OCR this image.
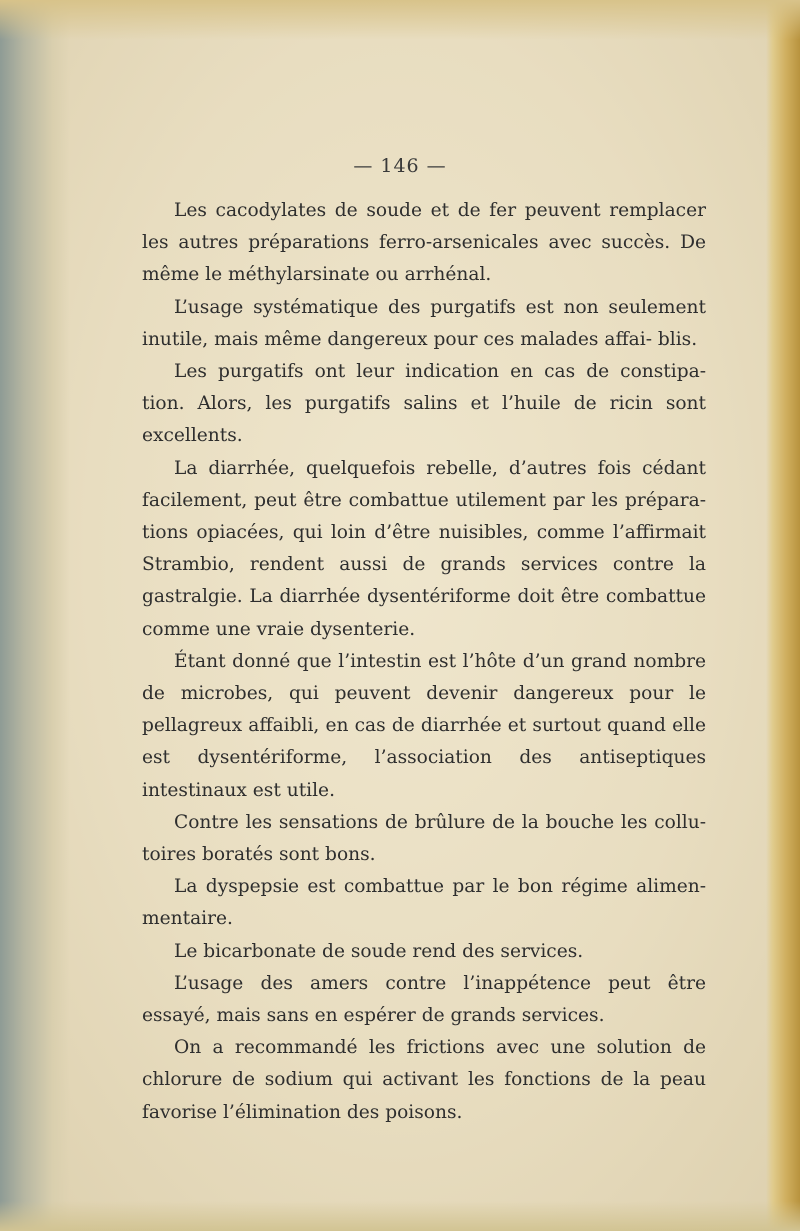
— 146 —

Les cacodylates de soude et de fer peuvent remplacer les autres préparations ferro-arsenicales avec succès. De même le méthylarsinate ou arrhénal.

L’usage systématique des purgatifs est non seulement inutile, mais même dangereux pour ces malades affai- blis.

Les purgatifs ont leur indication en cas de constipa- tion. Alors, les purgatifs salins et l’huile de ricin sont excellents.

La diarrhée, quelquefois rebelle, d’autres fois cédant facilement, peut être combattue utilement par les prépara- tions opiacées, qui loin d’être nuisibles, comme l’affirmait Strambio, rendent aussi de grands services contre la gastralgie. La diarrhée dysentériforme doit être combattue comme une vraie dysenterie.

Étant donné que l’intestin est l’hôte d’un grand nombre de microbes, qui peuvent devenir dangereux pour le pellagreux affaibli, en cas de diarrhée et surtout quand elle est dysentériforme, l’association des antiseptiques intestinaux est utile.

Contre les sensations de brûlure de la bouche les collu- toires boratés sont bons.

La dyspepsie est combattue par le bon régime alimen- mentaire.

Le bicarbonate de soude rend des services.

L’usage des amers contre l’inappétence peut être essayé, mais sans en espérer de grands services.

On a recommandé les frictions avec une solution de chlorure de sodium qui activant les fonctions de la peau favorise l’élimination des poisons.
